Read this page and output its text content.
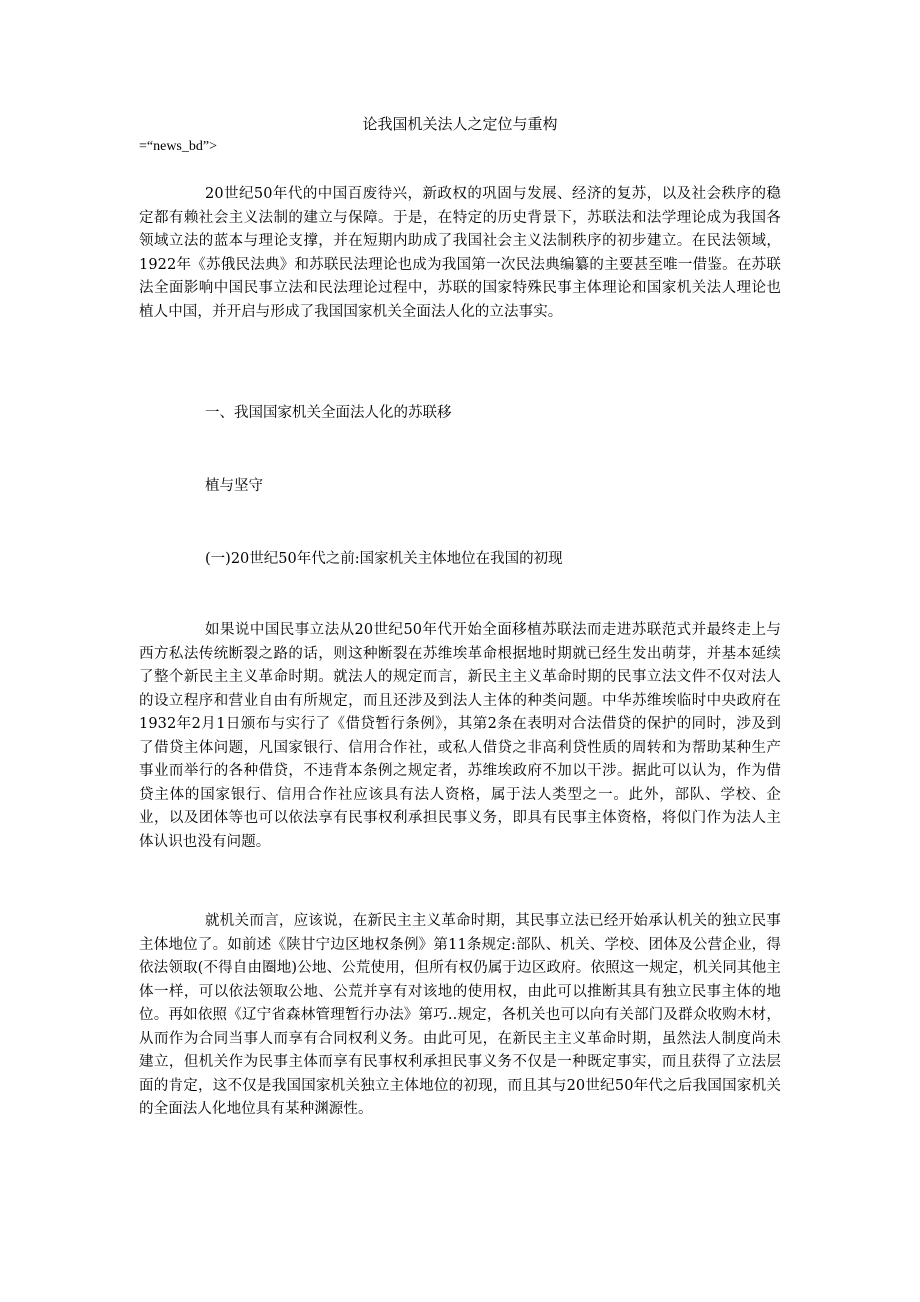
论我国机关法人之定位与重构
=“news_bd”>

20世纪50年代的中国百废待兴，新政权的巩固与发展、经济的复苏，以及社会秩序的稳定都有赖社会主义法制的建立与保障。于是，在特定的历史背景下，苏联法和法学理论成为我国各领域立法的蓝本与理论支撑，并在短期内助成了我国社会主义法制秩序的初步建立。在民法领域，1922年《苏俄民法典》和苏联民法理论也成为我国第一次民法典编纂的主要甚至唯一借鉴。在苏联法全面影响中国民事立法和民法理论过程中，苏联的国家特殊民事主体理论和国家机关法人理论也植人中国，并开启与形成了我国国家机关全面法人化的立法事实。

一、我国国家机关全面法人化的苏联移
植与坚守
(一)20世纪50年代之前:国家机关主体地位在我国的初现

如果说中国民事立法从20世纪50年代开始全面移植苏联法而走进苏联范式并最终走上与西方私法传统断裂之路的话，则这种断裂在苏维埃革命根据地时期就已经生发出萌芽，并基本延续了整个新民主主义革命时期。就法人的规定而言，新民主主义革命时期的民事立法文件不仅对法人的设立程序和营业自由有所规定，而且还涉及到法人主体的种类问题。中华苏维埃临时中央政府在1932年2月1日颁布与实行了《借贷暂行条例》，其第2条在表明对合法借贷的保护的同时，涉及到了借贷主体问题，凡国家银行、信用合作社，或私人借贷之非高利贷性质的周转和为帮助某种生产事业而举行的各种借贷，不违背本条例之规定者，苏维埃政府不加以干涉。据此可以认为，作为借贷主体的国家银行、信用合作社应该具有法人资格，属于法人类型之一。此外，部队、学校、企业，以及团体等也可以依法享有民事权利承担民事义务，即具有民事主体资格，将似门作为法人主体认识也没有问题。

就机关而言，应该说，在新民主主义革命时期，其民事立法已经开始承认机关的独立民事主体地位了。如前述《陕甘宁边区地权条例》第11条规定:部队、机关、学校、团体及公营企业，得依法领取(不得自由圈地)公地、公荒使用，但所有权仍属于边区政府。依照这一规定，机关同其他主体一样，可以依法领取公地、公荒并享有对该地的使用权，由此可以推断其具有独立民事主体的地位。再如依照《辽宁省森林管理暂行办法》第巧..规定，各机关也可以向有关部门及群众收购木材，从而作为合同当事人而享有合同权利义务。由此可见，在新民主主义革命时期，虽然法人制度尚未建立，但机关作为民事主体而享有民事权利承担民事义务不仅是一种既定事实，而且获得了立法层面的肯定，这不仅是我国国家机关独立主体地位的初现，而且其与20世纪50年代之后我国国家机关的全面法人化地位具有某种渊源性。
